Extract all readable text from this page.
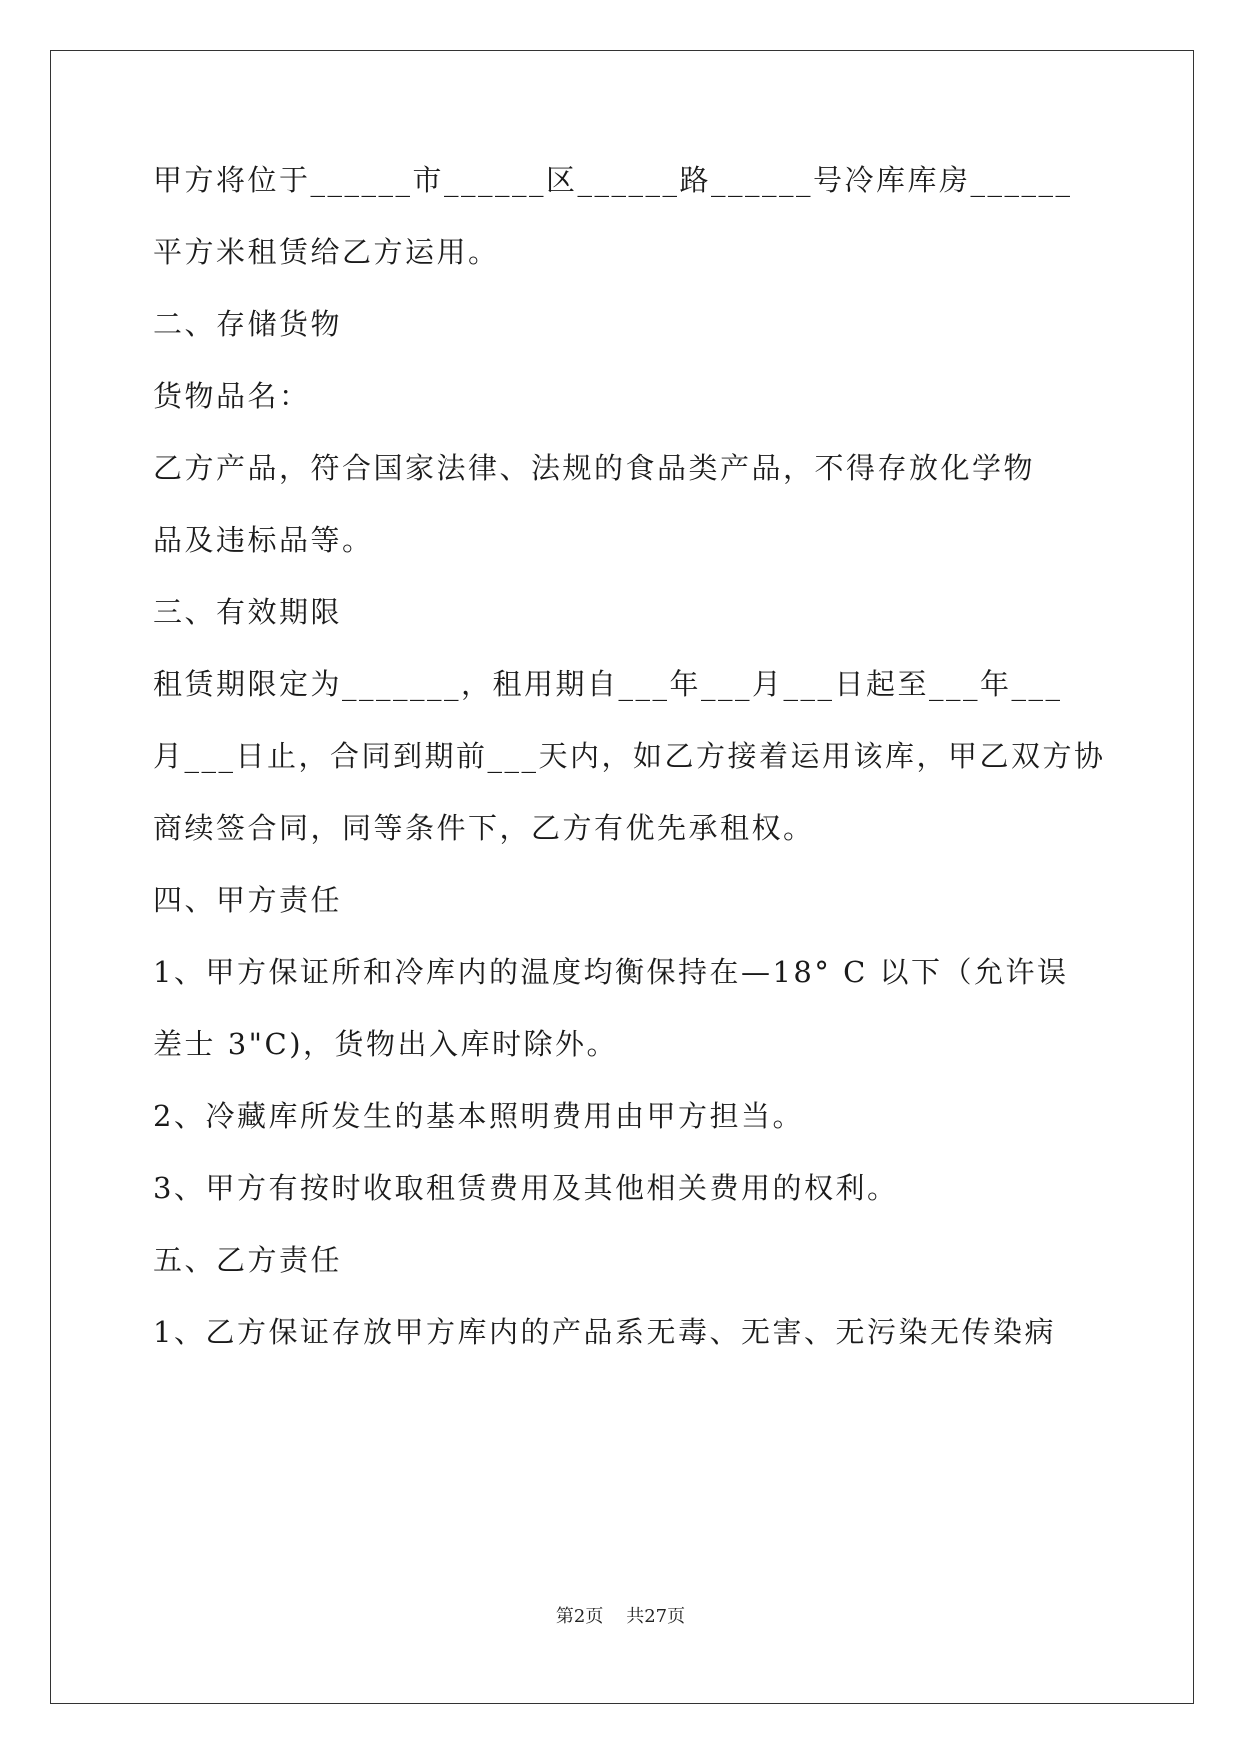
甲方将位于______市______区______路______号冷库库房______
平方米租赁给乙方运用。
二、存储货物
货物品名：
乙方产品，符合国家法律、法规的食品类产品，不得存放化学物
品及违标品等。
三、有效期限
租赁期限定为_______，租用期自___年___月___日起至___年___
月___日止，合同到期前___天内，如乙方接着运用该库，甲乙双方协
商续签合同，同等条件下，乙方有优先承租权。
四、甲方责任
1、甲方保证所和冷库内的温度均衡保持在—18° C 以下（允许误
差士 3"C)，货物出入库时除外。
2、冷藏库所发生的基本照明费用由甲方担当。
3、甲方有按时收取租赁费用及其他相关费用的权利。
五、乙方责任
1、乙方保证存放甲方库内的产品系无毒、无害、无污染无传染病
第2页    共27页
